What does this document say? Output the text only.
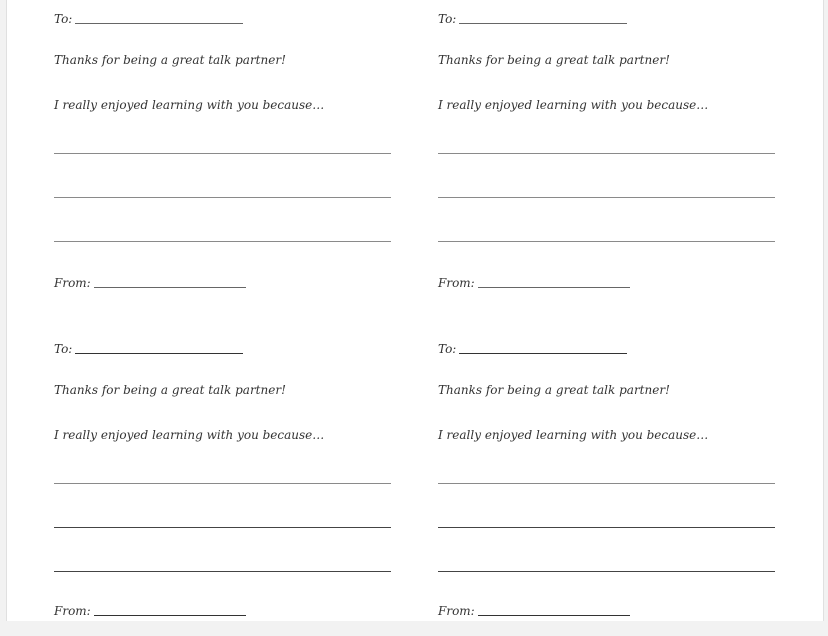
To:
Thanks for being a great talk partner!
I really enjoyed learning with you because…
From:
To:
Thanks for being a great talk partner!
I really enjoyed learning with you because…
From:
To:
Thanks for being a great talk partner!
I really enjoyed learning with you because…
From:
To:
Thanks for being a great talk partner!
I really enjoyed learning with you because…
From:
